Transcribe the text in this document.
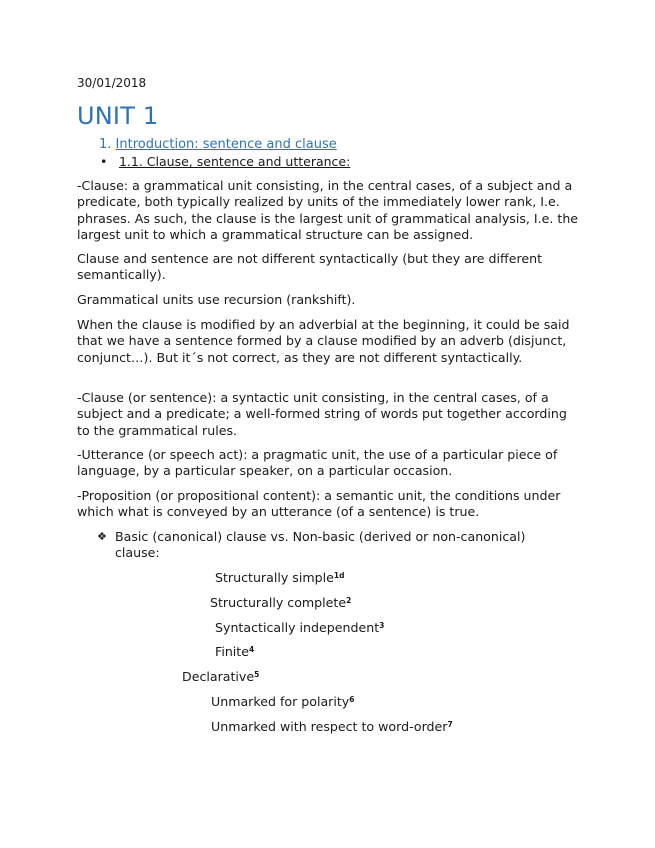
30/01/2018
UNIT 1
1. Introduction: sentence and clause
• 1.1. Clause, sentence and utterance:

-Clause: a grammatical unit consisting, in the central cases, of a subject and a predicate, both typically realized by units of the immediately lower rank, I.e. phrases. As such, the clause is the largest unit of grammatical analysis, I.e. the largest unit to which a grammatical structure can be assigned.

Clause and sentence are not different syntactically (but they are different semantically).

Grammatical units use recursion (rankshift).

When the clause is modified by an adverbial at the beginning, it could be said that we have a sentence formed by a clause modified by an adverb (disjunct, conjunct…). But it´s not correct, as they are not different syntactically.

-Clause (or sentence): a syntactic unit consisting, in the central cases, of a subject and a predicate; a well-formed string of words put together according to the grammatical rules.

-Utterance (or speech act): a pragmatic unit, the use of a particular piece of language, by a particular speaker, on a particular occasion.

-Proposition (or propositional content): a semantic unit, the conditions under which what is conveyed by an utterance (of a sentence) is true.

❖ Basic (canonical) clause vs. Non-basic (derived or non-canonical) clause:
Structurally simple$^{1d}$
Structurally complete$^2$
Syntactically independent$^3$
Finite$^4$
Declarative$^5$
Unmarked for polarity$^6$
Unmarked with respect to word-order$^7$
